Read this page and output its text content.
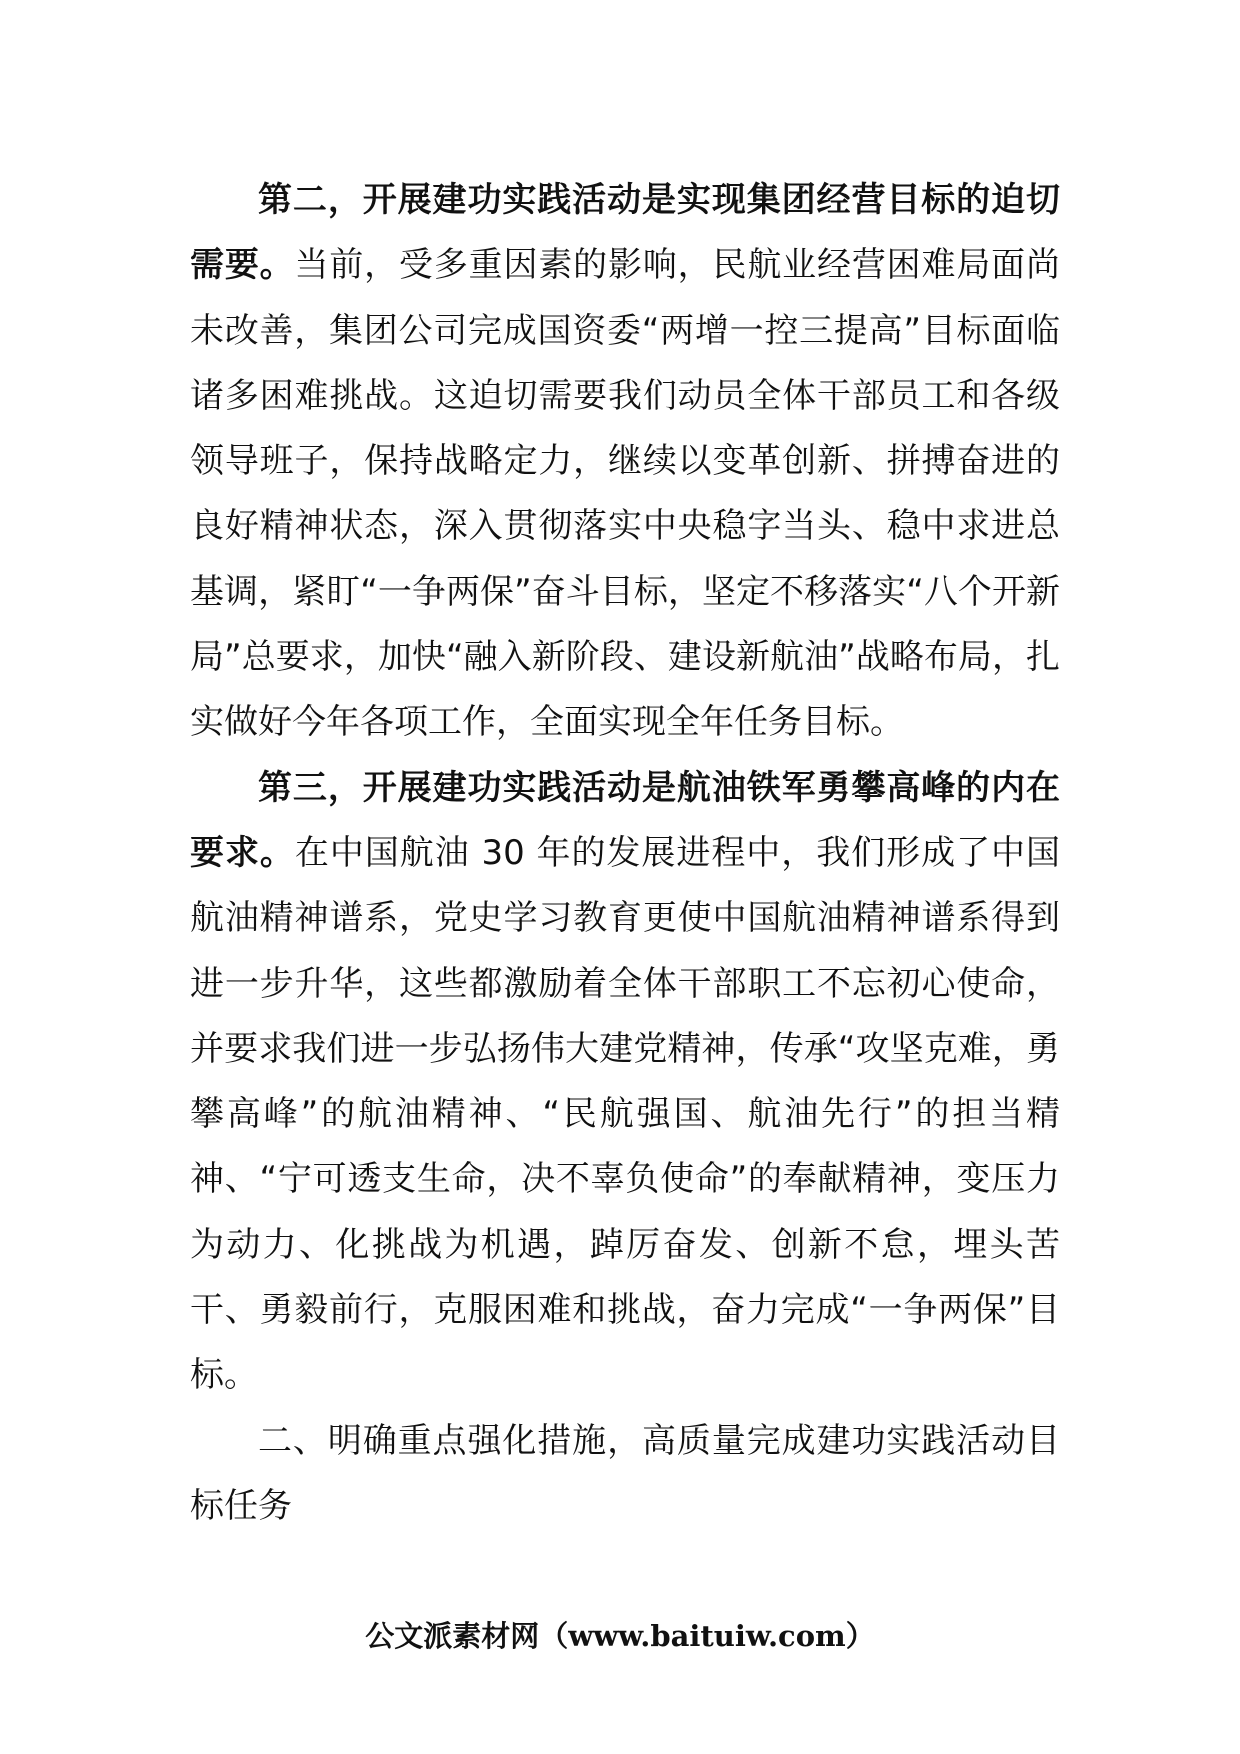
第二，开展建功实践活动是实现集团经营目标的迫切需要。当前，受多重因素的影响，民航业经营困难局面尚未改善，集团公司完成国资委“两增一控三提高”目标面临诸多困难挑战。这迫切需要我们动员全体干部员工和各级领导班子，保持战略定力，继续以变革创新、拼搏奋进的良好精神状态，深入贯彻落实中央稳字当头、稳中求进总基调，紧盯“一争两保”奋斗目标，坚定不移落实“八个开新局”总要求，加快“融入新阶段、建设新航油”战略布局，扎实做好今年各项工作，全面实现全年任务目标。

第三，开展建功实践活动是航油铁军勇攀高峰的内在要求。在中国航油 30 年的发展进程中，我们形成了中国航油精神谱系，党史学习教育更使中国航油精神谱系得到进一步升华，这些都激励着全体干部职工不忘初心使命，并要求我们进一步弘扬伟大建党精神，传承“攻坚克难，勇攀高峰”的航油精神、“民航强国、航油先行”的担当精神、“宁可透支生命，决不辜负使命”的奉献精神，变压力为动力、化挑战为机遇，踔厉奋发、创新不怠，埋头苦干、勇毅前行，克服困难和挑战，奋力完成“一争两保”目标。

二、明确重点强化措施，高质量完成建功实践活动目标任务

公文派素材网（www.baituiw.com）
